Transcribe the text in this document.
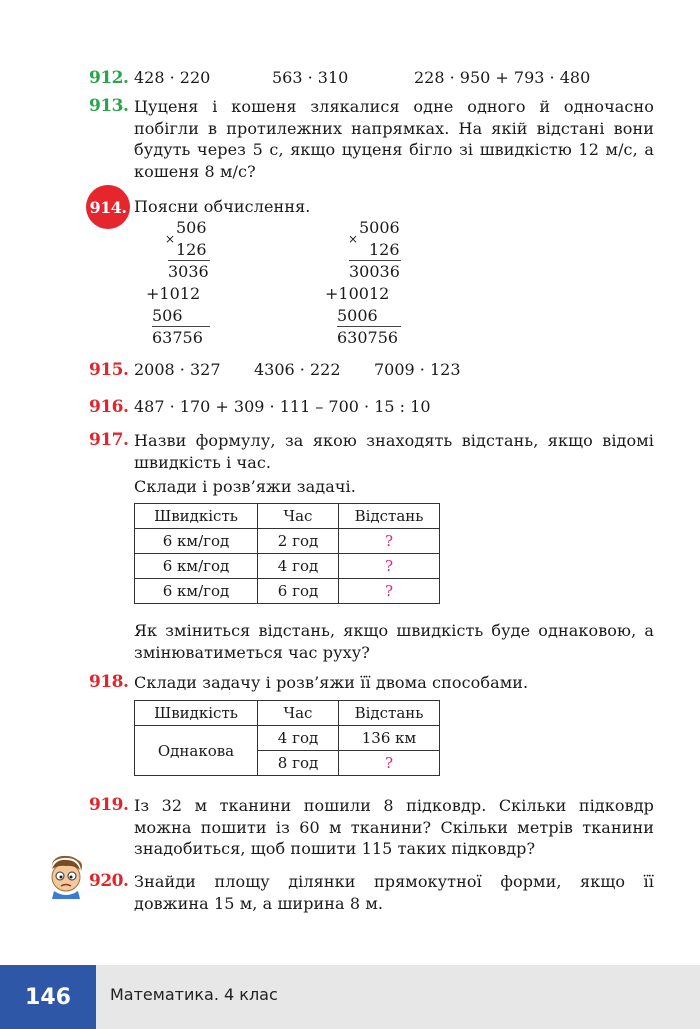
912. 428 · 220	563 · 310	228 · 950 + 793 · 480
913. Цуценя і кошеня злякалися одне одного й одночасно побігли в протилежних напрямках. На якій відстані вони будуть через 5 с, якщо цуценя бігло зі швидкістю 12 м/с, а кошеня 8 м/с?
914. Поясни обчислення.
×
506
126
3036
+1012
506
63756
×
5006
126
30036
+10012
5006
630756
915. 2008 · 327 4306 · 222 7009 · 123
916. 487 · 170 + 309 · 111 – 700 · 15 : 10
917. Назви формулу, за якою знаходять відстань, якщо відомі швидкість і час.
Склади і розв’яжи задачі.
Швидкість	Час	Відстань
6 км/год	2 год	?
6 км/год	4 год	?
6 км/год	6 год	?
Як зміниться відстань, якщо швидкість буде однаковою, а змінюватиметься час руху?
918. Склади задачу і розв’яжи її двома способами.
Швидкість	Час	Відстань
Однакова	4 год	136 км
	8 год	?
919. Із 32 м тканини пошили 8 підковдр. Скільки підковдр можна пошити із 60 м тканини? Скільки метрів тканини знадобиться, щоб пошити 115 таких підковдр?
920. Знайди площу ділянки прямокутної форми, якщо її довжина 15 м, а ширина 8 м.
146	Математика. 4 клас
